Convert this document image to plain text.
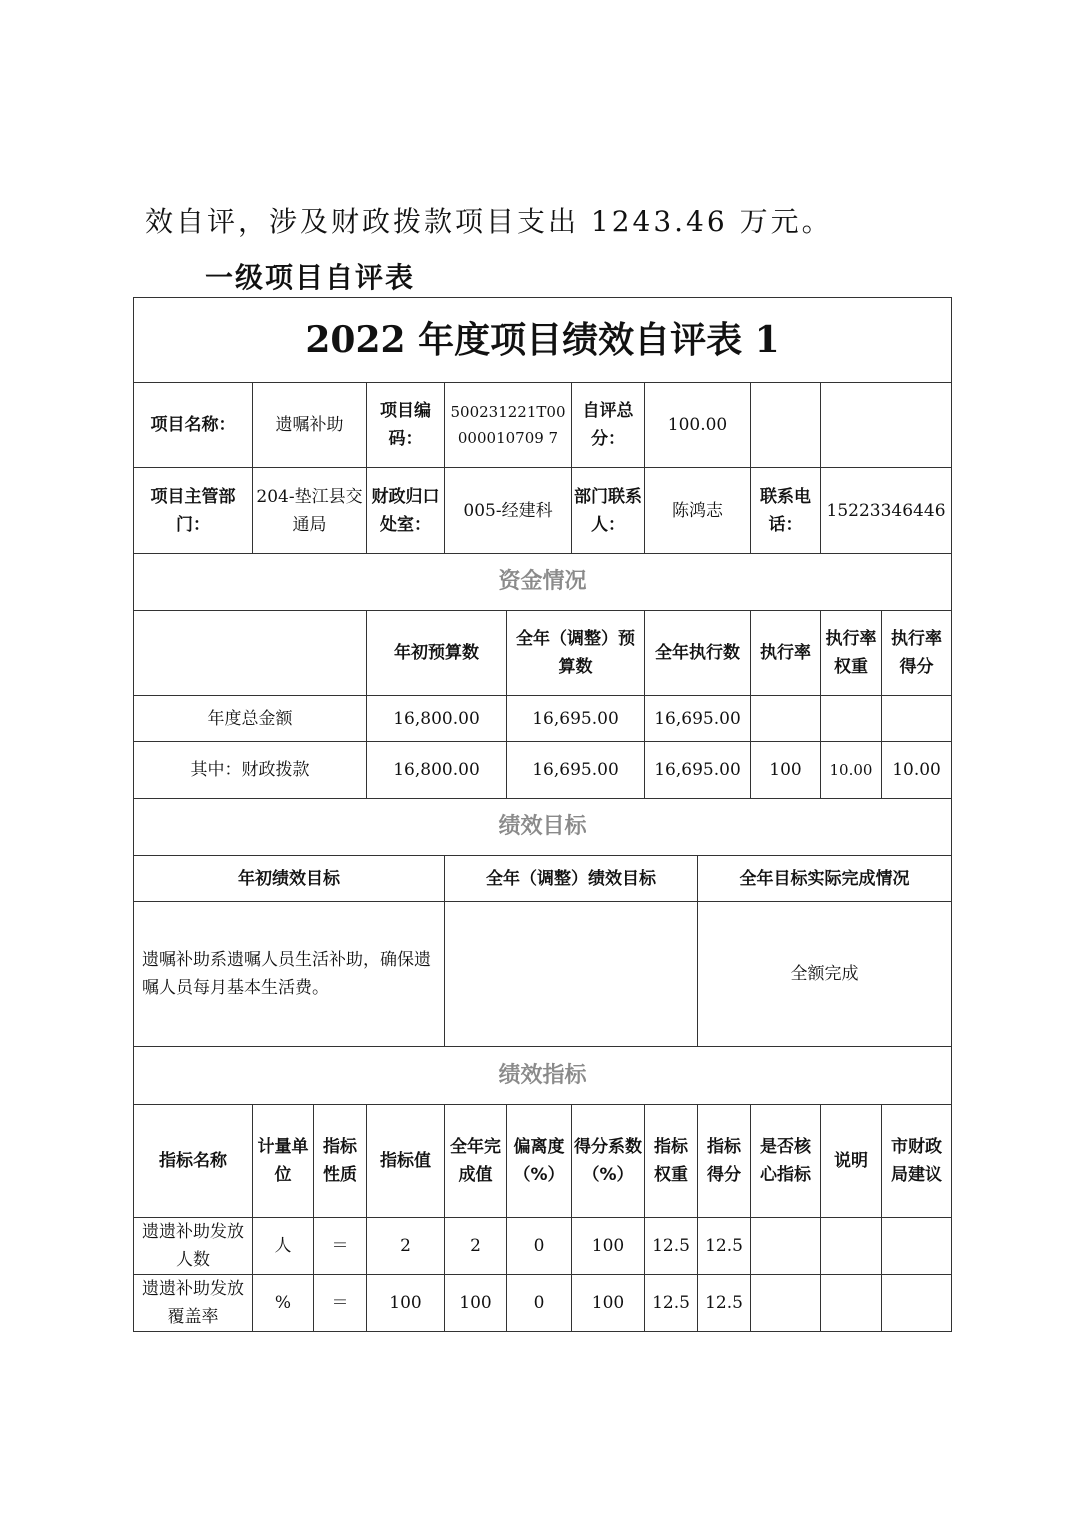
效自评，涉及财政拨款项目支出 1243.46 万元。
一级项目自评表
2022 年度项目绩效自评表 1											
项目名称：	遗嘱补助		项目编码：	500231221T00000010709 7		自评总分：	100.00				
项目主管部门：	204-垫江县交通局		财政归口处室：	005-经建科		部门联系人：	陈鸿志		联系电话：	15223346446	
资金情况											
			年初预算数		全年（调整）预算数		全年执行数		执行率	执行率权重	执行率得分
年度总金额			16,800.00		16,695.00		16,695.00				
其中：财政拨款			16,800.00		16,695.00		16,695.00		100	10.00	10.00
绩效目标											
年初绩效目标				全年（调整）绩效目标				全年目标实际完成情况			
遗嘱补助系遗嘱人员生活补助，确保遗嘱人员每月基本生活费。								全额完成			
绩效指标											
指标名称	计量单位	指标性质	指标值	全年完成值	偏离度（%）	得分系数（%）	指标权重	指标得分	是否核心指标	说明	市财政局建议
遗遗补助发放人数	人	＝	2	2	0	100	12.5	12.5			
遗遗补助发放覆盖率	%	＝	100	100	0	100	12.5	12.5			
